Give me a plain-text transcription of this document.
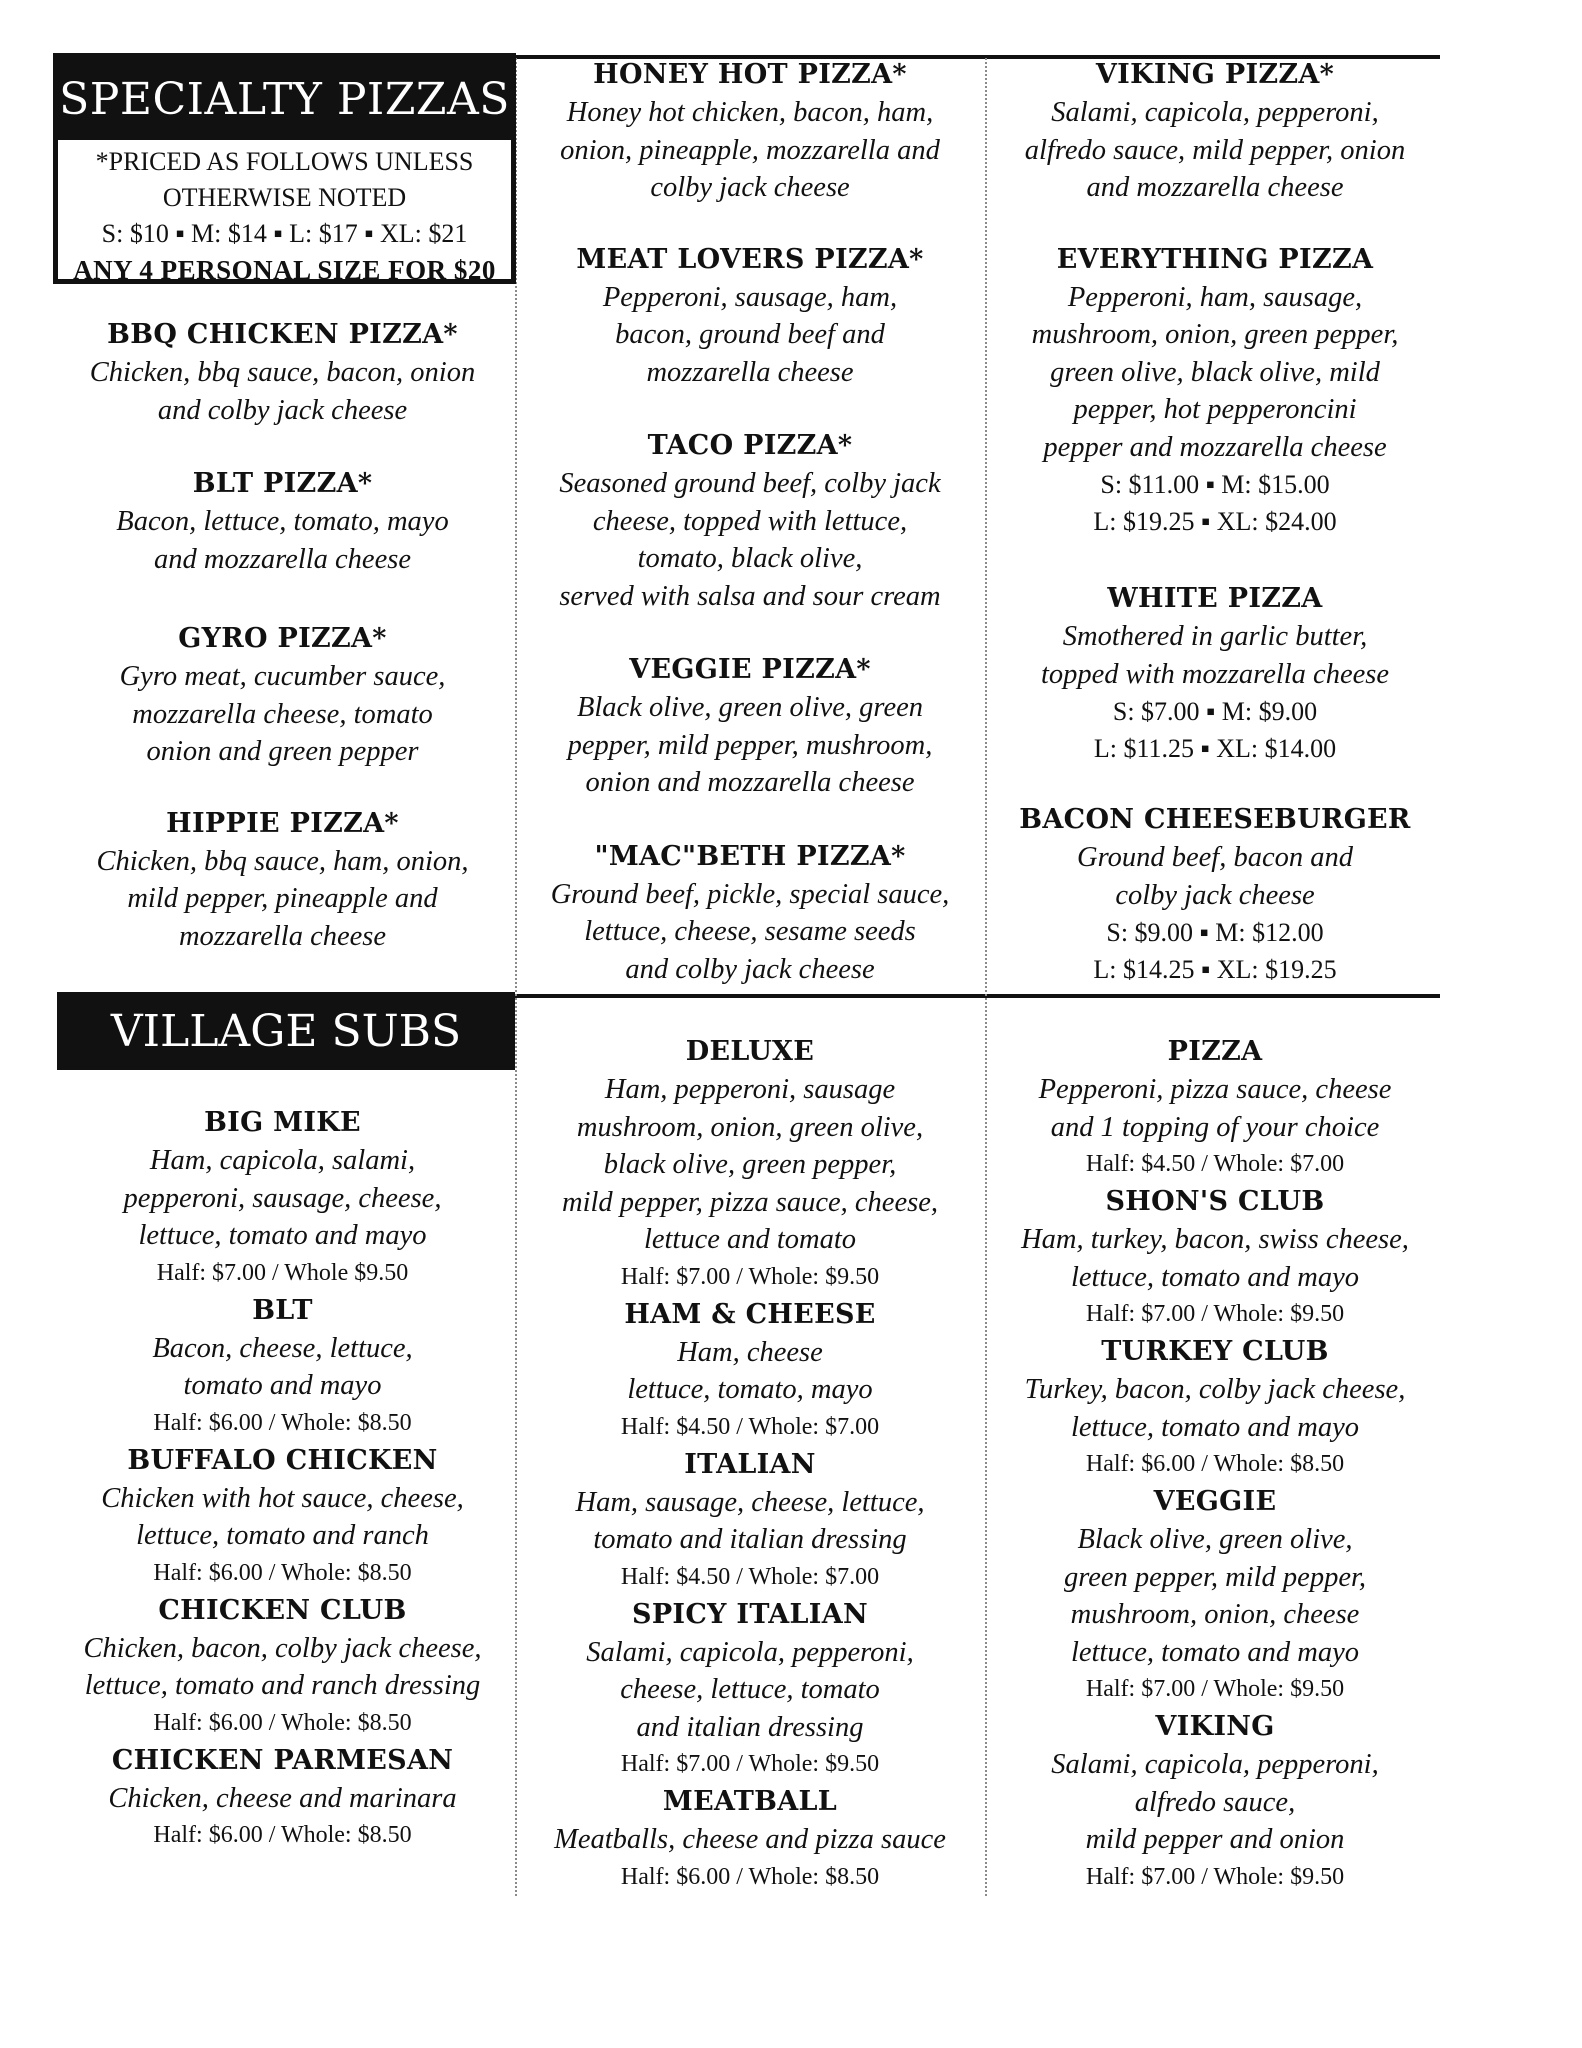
SPECIALTY PIZZAS
*PRICED AS FOLLOWS UNLESS
OTHERWISE NOTED
S: $10 ▪ M: $14 ▪ L: $17 ▪ XL: $21
ANY 4 PERSONAL SIZE FOR $20
VILLAGE SUBS
BBQ CHICKEN PIZZA*
Chicken, bbq sauce, bacon, onion
and colby jack cheese
BLT PIZZA*
Bacon, lettuce, tomato, mayo
and mozzarella cheese
GYRO PIZZA*
Gyro meat, cucumber sauce,
mozzarella cheese, tomato
onion and green pepper
HIPPIE PIZZA*
Chicken, bbq sauce, ham, onion,
mild pepper, pineapple and
mozzarella cheese
HONEY HOT PIZZA*
Honey hot chicken, bacon, ham,
onion, pineapple, mozzarella and
colby jack cheese
MEAT LOVERS PIZZA*
Pepperoni, sausage, ham,
bacon, ground beef and
mozzarella cheese
TACO PIZZA*
Seasoned ground beef, colby jack
cheese, topped with lettuce,
tomato, black olive,
served with salsa and sour cream
VEGGIE PIZZA*
Black olive, green olive, green
pepper, mild pepper, mushroom,
onion and mozzarella cheese
"MAC"BETH PIZZA*
Ground beef, pickle, special sauce,
lettuce, cheese, sesame seeds
and colby jack cheese
VIKING PIZZA*
Salami, capicola, pepperoni,
alfredo sauce, mild pepper, onion
and mozzarella cheese
EVERYTHING PIZZA
Pepperoni, ham, sausage,
mushroom, onion, green pepper,
green olive, black olive, mild
pepper, hot pepperoncini
pepper and mozzarella cheese
S: $11.00 ▪ M: $15.00
L: $19.25 ▪ XL: $24.00
WHITE PIZZA
Smothered in garlic butter,
topped with mozzarella cheese
S: $7.00 ▪ M: $9.00
L: $11.25 ▪ XL: $14.00
BACON CHEESEBURGER
Ground beef, bacon and
colby jack cheese
S: $9.00 ▪ M: $12.00
L: $14.25 ▪ XL: $19.25
BIG MIKE
Ham, capicola, salami,
pepperoni, sausage, cheese,
lettuce, tomato and mayo
Half: $7.00 / Whole $9.50
BLT
Bacon, cheese, lettuce,
tomato and mayo
Half: $6.00 / Whole: $8.50
BUFFALO CHICKEN
Chicken with hot sauce, cheese,
lettuce, tomato and ranch
Half: $6.00 / Whole: $8.50
CHICKEN CLUB
Chicken, bacon, colby jack cheese,
lettuce, tomato and ranch dressing
Half: $6.00 / Whole: $8.50
CHICKEN PARMESAN
Chicken, cheese and marinara
Half: $6.00 / Whole: $8.50
DELUXE
Ham, pepperoni, sausage
mushroom, onion, green olive,
black olive, green pepper,
mild pepper, pizza sauce, cheese,
lettuce and tomato
Half: $7.00 / Whole: $9.50
HAM & CHEESE
Ham, cheese
lettuce, tomato, mayo
Half: $4.50 / Whole: $7.00
ITALIAN
Ham, sausage, cheese, lettuce,
tomato and italian dressing
Half: $4.50 / Whole: $7.00
SPICY ITALIAN
Salami, capicola, pepperoni,
cheese, lettuce, tomato
and italian dressing
Half: $7.00 / Whole: $9.50
MEATBALL
Meatballs, cheese and pizza sauce
Half: $6.00 / Whole: $8.50
PIZZA
Pepperoni, pizza sauce, cheese
and 1 topping of your choice
Half: $4.50 / Whole: $7.00
SHON'S CLUB
Ham, turkey, bacon, swiss cheese,
lettuce, tomato and mayo
Half: $7.00 / Whole: $9.50
TURKEY CLUB
Turkey, bacon, colby jack cheese,
lettuce, tomato and mayo
Half: $6.00 / Whole: $8.50
VEGGIE
Black olive, green olive,
green pepper, mild pepper,
mushroom, onion, cheese
lettuce, tomato and mayo
Half: $7.00 / Whole: $9.50
VIKING
Salami, capicola, pepperoni,
alfredo sauce,
mild pepper and onion
Half: $7.00 / Whole: $9.50
